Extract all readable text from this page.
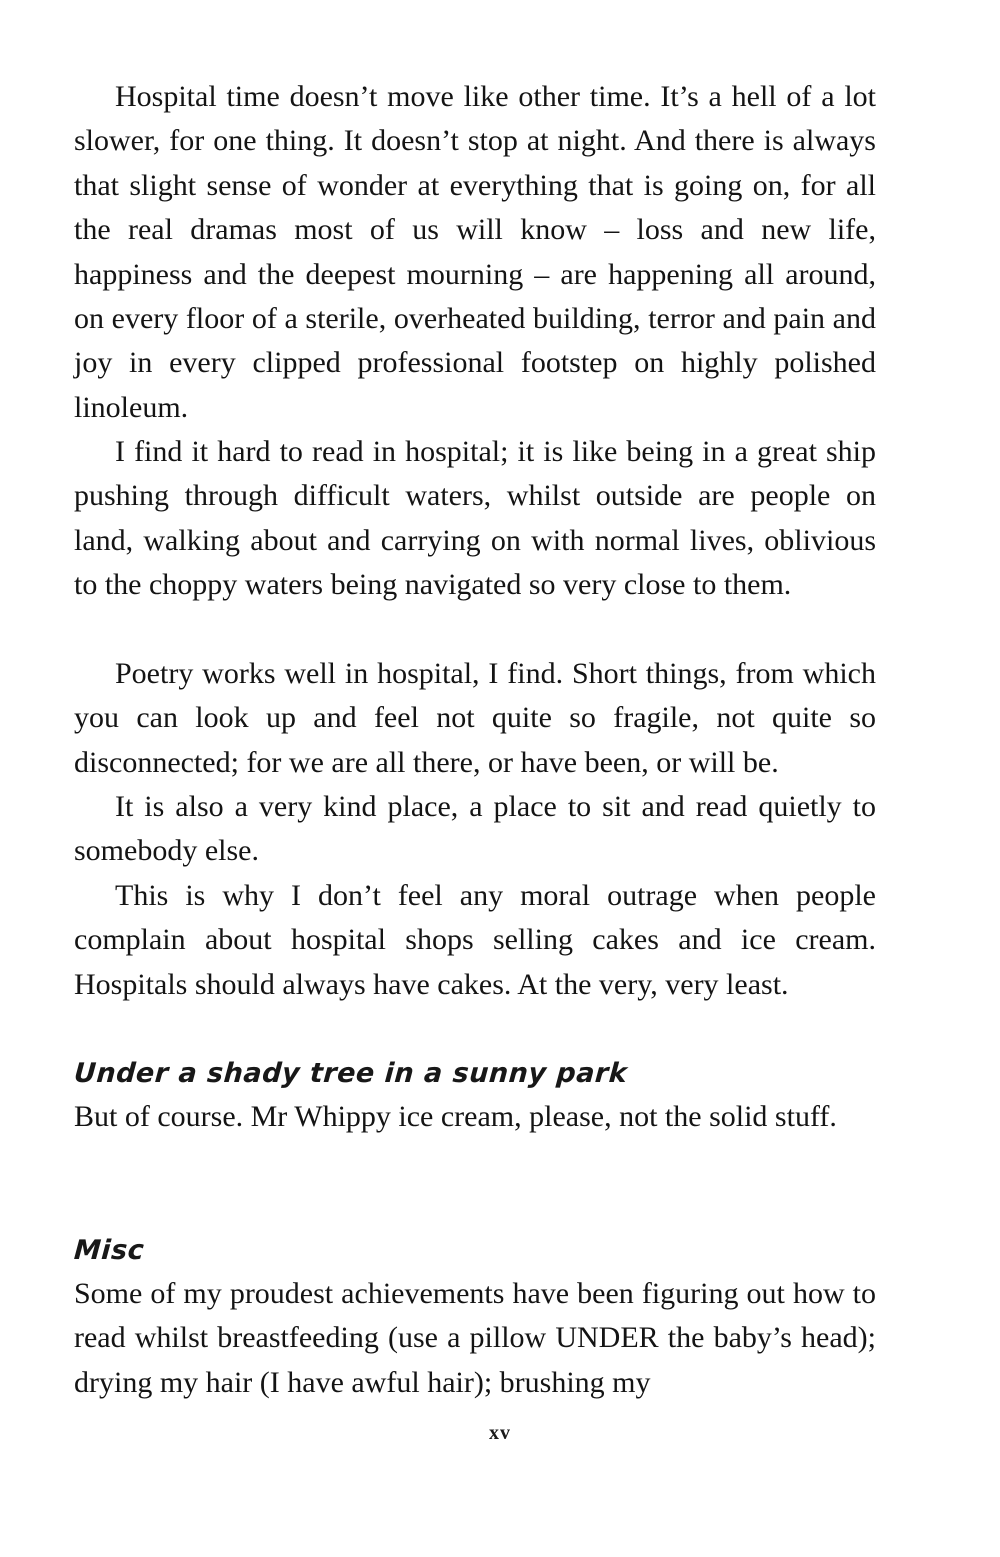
Hospital time doesn’t move like other time. It’s a hell of a lot slower, for one thing. It doesn’t stop at night. And there is always that slight sense of wonder at everything that is going on, for all the real dramas most of us will know – loss and new life, happiness and the deepest mourning – are happening all around, on every floor of a sterile, overheated building, terror and pain and joy in every clipped professional footstep on highly polished linoleum.

I find it hard to read in hospital; it is like being in a great ship pushing through difficult waters, whilst outside are people on land, walking about and carrying on with normal lives, oblivious to the choppy waters being navigated so very close to them.

Poetry works well in hospital, I find. Short things, from which you can look up and feel not quite so fragile, not quite so disconnected; for we are all there, or have been, or will be.

It is also a very kind place, a place to sit and read quietly to somebody else.

This is why I don’t feel any moral outrage when people complain about hospital shops selling cakes and ice cream. Hospitals should always have cakes. At the very, very least.

Under a shady tree in a sunny park

But of course. Mr Whippy ice cream, please, not the solid stuff.

Misc

Some of my proudest achievements have been figuring out how to read whilst breastfeeding (use a pillow UNDER the baby’s head); drying my hair (I have awful hair); brushing my

xv
